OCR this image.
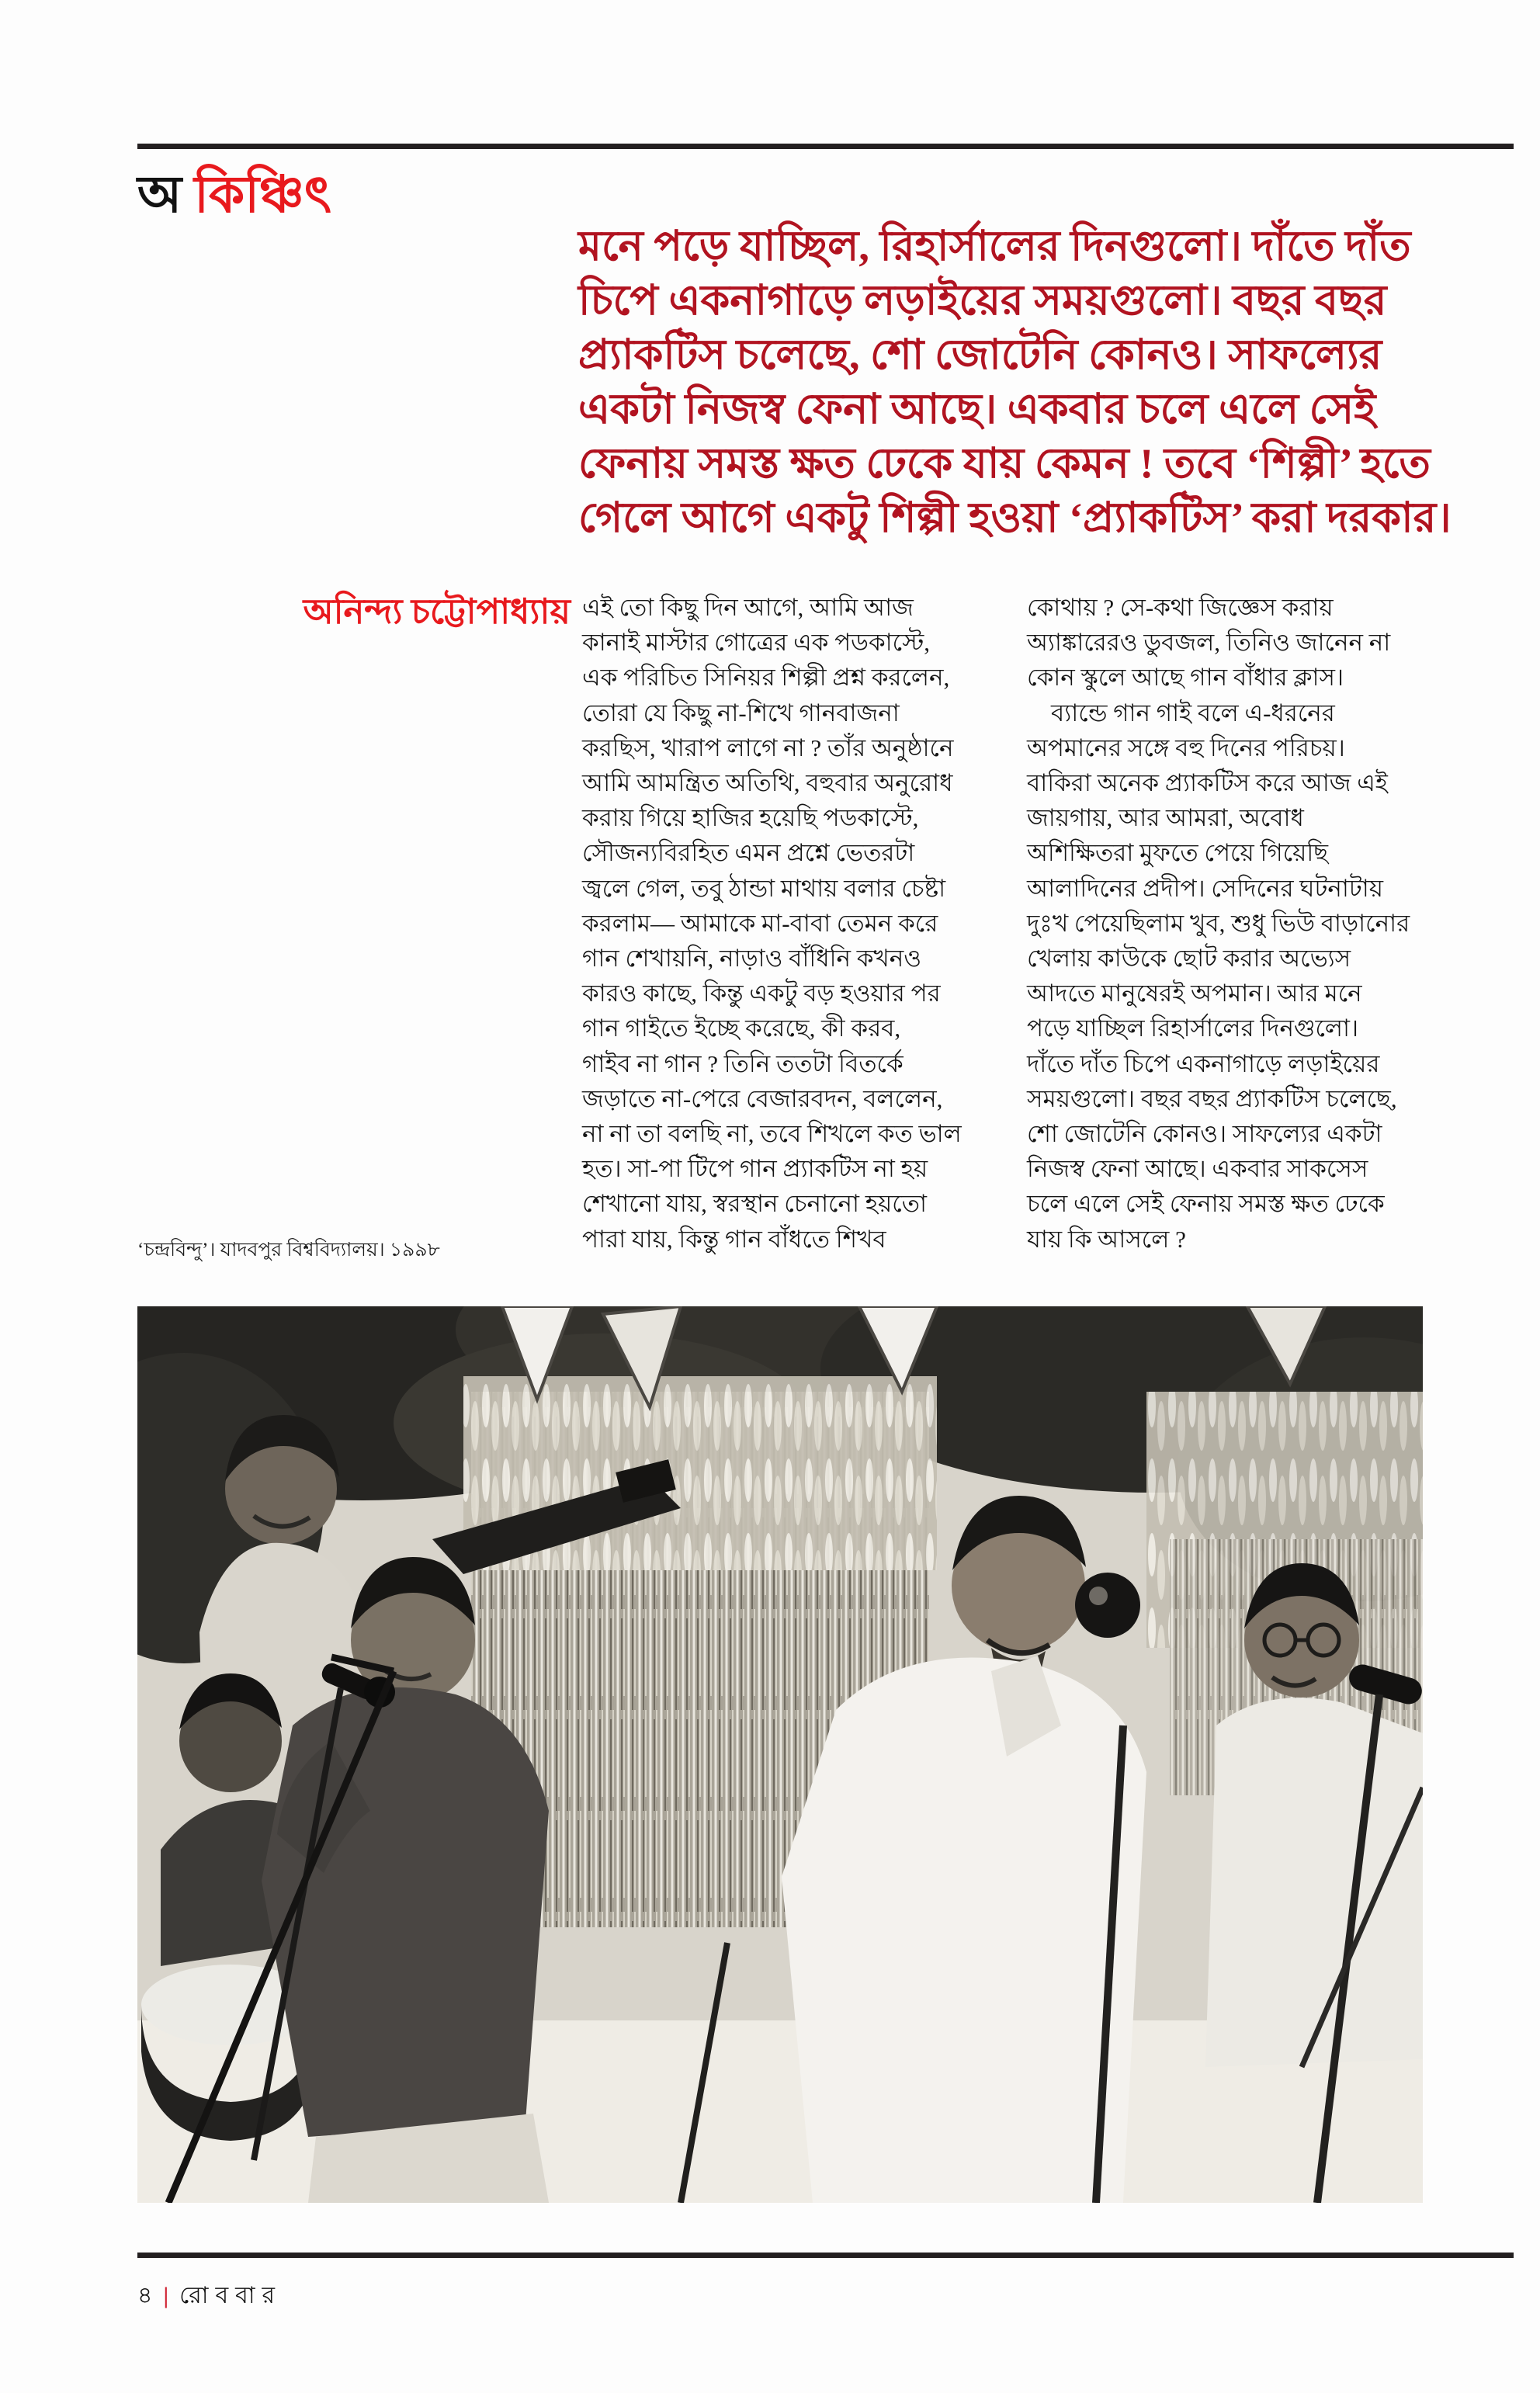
অ কিঞ্চিৎ
মনে পড়ে যাচ্ছিল, রিহার্সালের দিনগুলো। দাঁতে দাঁত
চিপে একনাগাড়ে লড়াইয়ের সময়গুলো। বছর বছর
প্র্যাকটিস চলেছে, শো জোটেনি কোনও। সাফল্যের
একটা নিজস্ব ফেনা আছে। একবার চলে এলে সেই
ফেনায় সমস্ত ক্ষত ঢেকে যায় কেমন ! তবে ‘শিল্পী’ হতে
গেলে আগে একটু শিল্পী হওয়া ‘প্র্যাকটিস’ করা দরকার।
অনিন্দ্য চট্টোপাধ্যায় এই তো কিছু দিন আগে, আমি আজ
কানাই মাস্টার গোত্রের এক পডকাস্টে,
এক পরিচিত সিনিয়র শিল্পী প্রশ্ন করলেন,
তোরা যে কিছু না-শিখে গানবাজনা
করছিস, খারাপ লাগে না ? তাঁর অনুষ্ঠানে
আমি আমন্ত্রিত অতিথি, বহুবার অনুরোধ
করায় গিয়ে হাজির হয়েছি পডকাস্টে,
সৌজন্যবিরহিত এমন প্রশ্নে ভেতরটা
জ্বলে গেল, তবু ঠান্ডা মাথায় বলার চেষ্টা
করলাম— আমাকে মা-বাবা তেমন করে
গান শেখায়নি, নাড়াও বাঁধিনি কখনও
কারও কাছে, কিন্তু একটু বড় হওয়ার পর
গান গাইতে ইচ্ছে করেছে, কী করব,
গাইব না গান ? তিনি ততটা বিতর্কে
জড়াতে না-পেরে বেজারবদন, বললেন,
না না তা বলছি না, তবে শিখলে কত ভাল
হত। সা-পা টিপে গান প্র্যাকটিস না হয়
শেখানো যায়, স্বরস্থান চেনানো হয়তো
পারা যায়, কিন্তু গান বাঁধতে শিখব
কোথায় ? সে-কথা জিজ্ঞেস করায়
অ্যাঙ্কারেরও ডুবজল, তিনিও জানেন না
কোন স্কুলে আছে গান বাঁধার ক্লাস।
 ব্যান্ডে গান গাই বলে এ-ধরনের
অপমানের সঙ্গে বহু দিনের পরিচয়।
বাকিরা অনেক প্র্যাকটিস করে আজ এই
জায়গায়, আর আমরা, অবোধ
অশিক্ষিতরা মুফতে পেয়ে গিয়েছি
আলাদিনের প্রদীপ। সেদিনের ঘটনাটায়
দুঃখ পেয়েছিলাম খুব, শুধু ভিউ বাড়ানোর
খেলায় কাউকে ছোট করার অভ্যেস
আদতে মানুষেরই অপমান। আর মনে
পড়ে যাচ্ছিল রিহার্সালের দিনগুলো।
দাঁতে দাঁত চিপে একনাগাড়ে লড়াইয়ের
সময়গুলো। বছর বছর প্র্যাকটিস চলেছে,
শো জোটেনি কোনও। সাফল্যের একটা
নিজস্ব ফেনা আছে। একবার সাকসেস
চলে এলে সেই ফেনায় সমস্ত ক্ষত ঢেকে
যায় কি আসলে ?
‘চন্দ্রবিন্দু’। যাদবপুর বিশ্ববিদ্যালয়। ১৯৯৮
৪ | রোববার
